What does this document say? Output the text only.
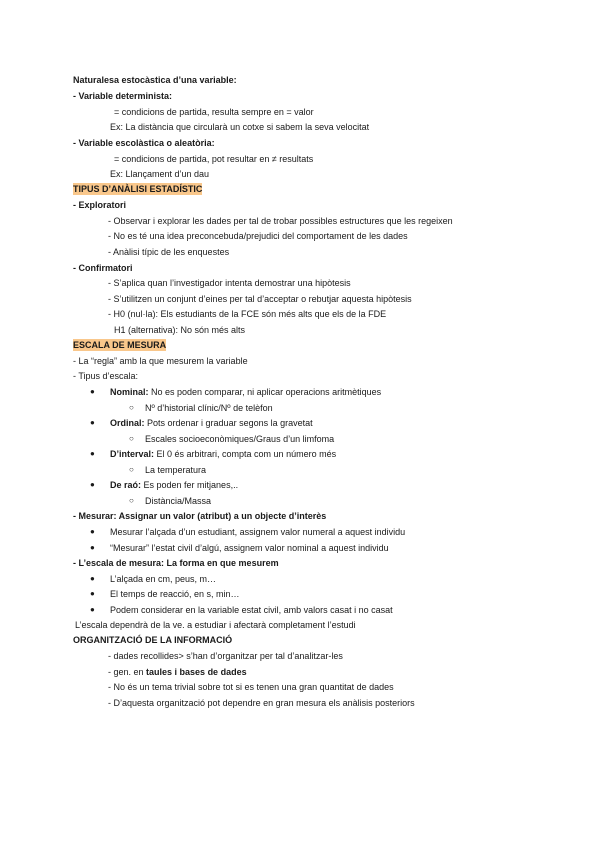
Naturalesa estocàstica d’una variable:
- Variable determinista:
= condicions de partida, resulta sempre en = valor
Ex: La distància que circularà un cotxe si sabem la seva velocitat
- Variable escolàstica o aleatòria:
= condicions de partida, pot resultar en ≠ resultats
Ex: Llançament d’un dau
TIPUS D’ANÀLISI ESTADÍSTIC
- Exploratori
- Observar i explorar les dades per tal de trobar possibles estructures que les regeixen
- No es té una idea preconcebuda/prejudici del comportament de les dades
- Anàlisi típic de les enquestes
- Confirmatori
- S’aplica quan l’investigador intenta demostrar una hipòtesis
- S’utilitzen un conjunt d’eines per tal d’acceptar o rebutjar aquesta hipòtesis
- H0 (nul·la): Els estudiants de la FCE són més alts que els de la FDE
H1 (alternativa): No són més alts
ESCALA DE MESURA
- La “regla” amb la que mesurem la variable
- Tipus d’escala:
● Nominal: No es poden comparar, ni aplicar operacions aritmètiques
○ Nº d’historial clínic/Nº de telèfon
● Ordinal: Pots ordenar i graduar segons la gravetat
○ Escales socioeconòmiques/Graus d’un limfoma
● D’interval: El 0 és arbitrari, compta com un número més
○ La temperatura
● De raó: Es poden fer mitjanes,..
○ Distància/Massa
- Mesurar: Assignar un valor (atribut) a un objecte d’interès
● Mesurar l’alçada d’un estudiant, assignem valor numeral a aquest individu
● “Mesurar” l’estat civil d’algú, assignem valor nominal a aquest individu
- L’escala de mesura: La forma en que mesurem
● L’alçada en cm, peus, m…
● El temps de reacció, en s, min…
● Podem considerar en la variable estat civil, amb valors casat i no casat
L’escala dependrà de la ve. a estudiar i afectarà completament l’estudi
ORGANITZACIÓ DE LA INFORMACIÓ
- dades recollides> s’han d’organitzar per tal d’analitzar-les
- gen. en taules i bases de dades
- No és un tema trivial sobre tot si es tenen una gran quantitat de dades
- D’aquesta organització pot dependre en gran mesura els anàlisis posteriors
